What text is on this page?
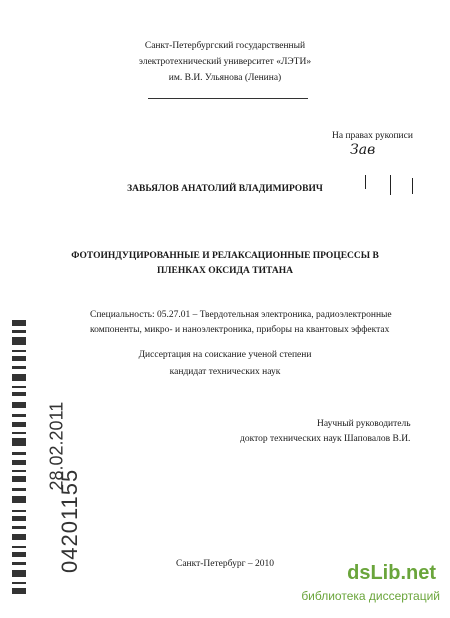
Санкт-Петербургский государственный
электротехнический университет «ЛЭТИ»
им. В.И. Ульянова (Ленина)
На правах рукописи
Зав
ЗАВЬЯЛОВ АНАТОЛИЙ ВЛАДИМИРОВИЧ
ФОТОИНДУЦИРОВАННЫЕ И РЕЛАКСАЦИОННЫЕ ПРОЦЕССЫ В
ПЛЕНКАХ ОКСИДА ТИТАНА
Специальность: 05.27.01 – Твердотельная электроника, радиоэлектронные
компоненты, микро- и наноэлектроника, приборы на квантовых эффектах
Диссертация на соискание ученой степени
кандидат технических наук
Научный руководитель
доктор технических наук Шаповалов В.И.
Санкт-Петербург – 2010
04201155
28.02.2011
dsLib.net
библиотека диссертаций
